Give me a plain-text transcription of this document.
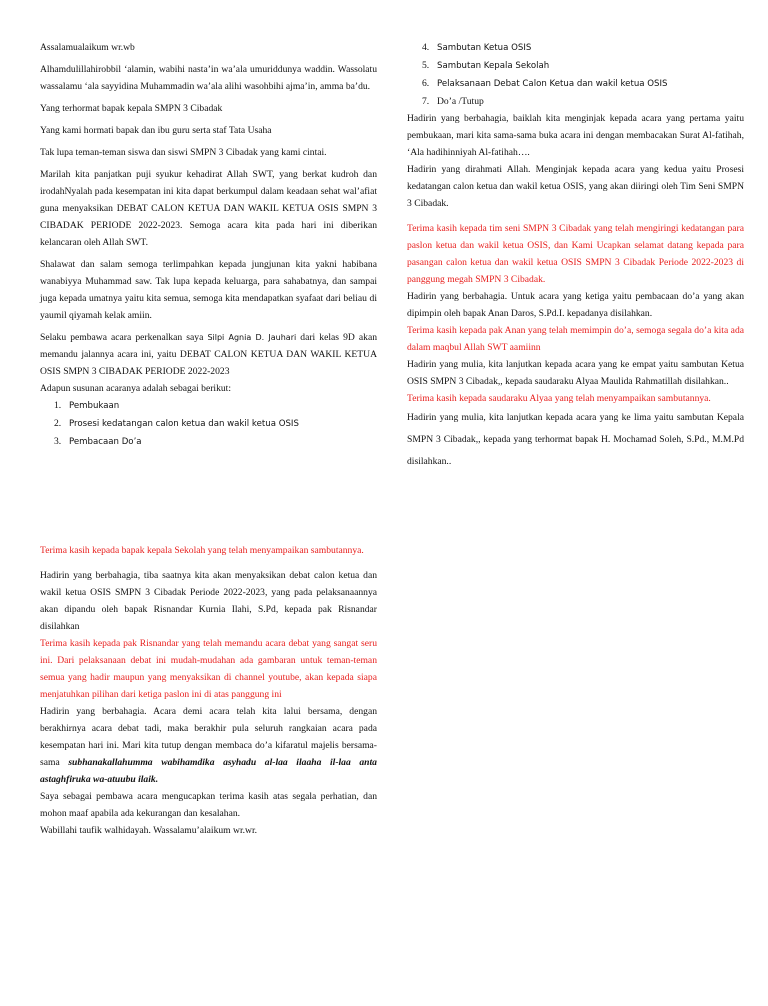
Assalamualaikum wr.wb

Alhamdulillahirobbil ‘alamin, wabihi nasta’in wa’ala umuriddunya waddin. Wassolatu wassalamu ‘ala sayyidina Muhammadin wa’ala alihi wasohbihi ajma’in, amma ba’du.

Yang terhormat bapak kepala SMPN 3 Cibadak

Yang kami hormati bapak dan ibu guru serta staf Tata Usaha

Tak lupa teman-teman siswa dan siswi SMPN 3 Cibadak yang kami cintai.

Marilah kita panjatkan puji syukur kehadirat Allah SWT, yang berkat kudroh dan irodahNyalah pada kesempatan ini kita dapat berkumpul dalam keadaan sehat wal’afiat guna menyaksikan DEBAT CALON KETUA DAN WAKIL KETUA OSIS SMPN 3 CIBADAK PERIODE 2022-2023. Semoga acara kita pada hari ini diberikan kelancaran oleh Allah SWT.

Shalawat dan salam semoga terlimpahkan kepada jungjunan kita yakni habibana wanabiyya Muhammad saw. Tak lupa kepada keluarga, para sahabatnya, dan sampai juga kepada umatnya yaitu kita semua, semoga kita mendapatkan syafaat dari beliau di yaumil qiyamah kelak amiin.

Selaku pembawa acara perkenalkan saya Silpi Agnia D. Jauhari dari kelas 9D akan memandu jalannya acara ini, yaitu DEBAT CALON KETUA DAN WAKIL KETUA OSIS SMPN 3 CIBADAK PERIODE 2022-2023

Adapun susunan acaranya adalah sebagai berikut:

1. Pembukaan
2. Prosesi kedatangan calon ketua dan wakil ketua OSIS
3. Pembacaan Do’a
4. Sambutan Ketua OSIS
5. Sambutan Kepala Sekolah
6. Pelaksanaan Debat Calon Ketua dan wakil ketua OSIS
7. Do’a /Tutup

Hadirin yang berbahagia, baiklah kita menginjak kepada acara yang pertama yaitu pembukaan, mari kita sama-sama buka acara ini dengan membacakan Surat Al-fatihah, ‘Ala hadihinniyah Al-fatihah….

Hadirin yang dirahmati Allah. Menginjak kepada acara yang kedua yaitu Prosesi kedatangan calon ketua dan wakil ketua OSIS, yang akan diiringi oleh Tim Seni SMPN 3 Cibadak.

Terima kasih kepada tim seni SMPN 3 Cibadak yang telah mengiringi kedatangan para paslon ketua dan wakil ketua OSIS, dan Kami Ucapkan selamat datang kepada para pasangan calon ketua dan wakil ketua OSIS SMPN 3 Cibadak Periode 2022-2023 di panggung megah SMPN 3 Cibadak.

Hadirin yang berbahagia. Untuk acara yang ketiga yaitu pembacaan do’a yang akan dipimpin oleh bapak Anan Daros, S.Pd.I. kepadanya disilahkan.

Terima kasih kepada pak Anan yang telah memimpin do’a, semoga segala do’a kita ada dalam maqbul Allah SWT aamiinn

Hadirin yang mulia, kita lanjutkan kepada acara yang ke empat yaitu sambutan Ketua OSIS SMPN 3 Cibadak,, kepada saudaraku Alyaa Maulida Rahmatillah disilahkan..

Terima kasih kepada saudaraku Alyaa yang telah menyampaikan sambutannya.

Hadirin yang mulia, kita lanjutkan kepada acara yang ke lima yaitu sambutan Kepala SMPN 3 Cibadak,, kepada yang terhormat bapak H. Mochamad Soleh, S.Pd., M.M.Pd disilahkan..

Terima kasih kepada bapak kepala Sekolah yang telah menyampaikan sambutannya.

Hadirin yang berbahagia, tiba saatnya kita akan menyaksikan debat calon ketua dan wakil ketua OSIS SMPN 3 Cibadak Periode 2022-2023, yang pada pelaksanaannya akan dipandu oleh bapak Risnandar Kurnia Ilahi, S.Pd, kepada pak Risnandar disilahkan

Terima kasih kepada pak Risnandar yang telah memandu acara debat yang sangat seru ini. Dari pelaksanaan debat ini mudah-mudahan ada gambaran untuk teman-teman semua yang hadir maupun yang menyaksikan di channel youtube, akan kepada siapa menjatuhkan pilihan dari ketiga paslon ini di atas panggung ini

Hadirin yang berbahagia. Acara demi acara telah kita lalui bersama, dengan berakhirnya acara debat tadi, maka berakhir pula seluruh rangkaian acara pada kesempatan hari ini. Mari kita tutup dengan membaca do’a kifaratul majelis bersama-sama subhanakallahumma wabihamdika asyhadu al-laa ilaaha il-laa anta astaghfiruka wa-atuubu ilaik.

Saya sebagai pembawa acara mengucapkan terima kasih atas segala perhatian, dan mohon maaf apabila ada kekurangan dan kesalahan.

Wabillahi taufik walhidayah. Wassalamu’alaikum wr.wr.
